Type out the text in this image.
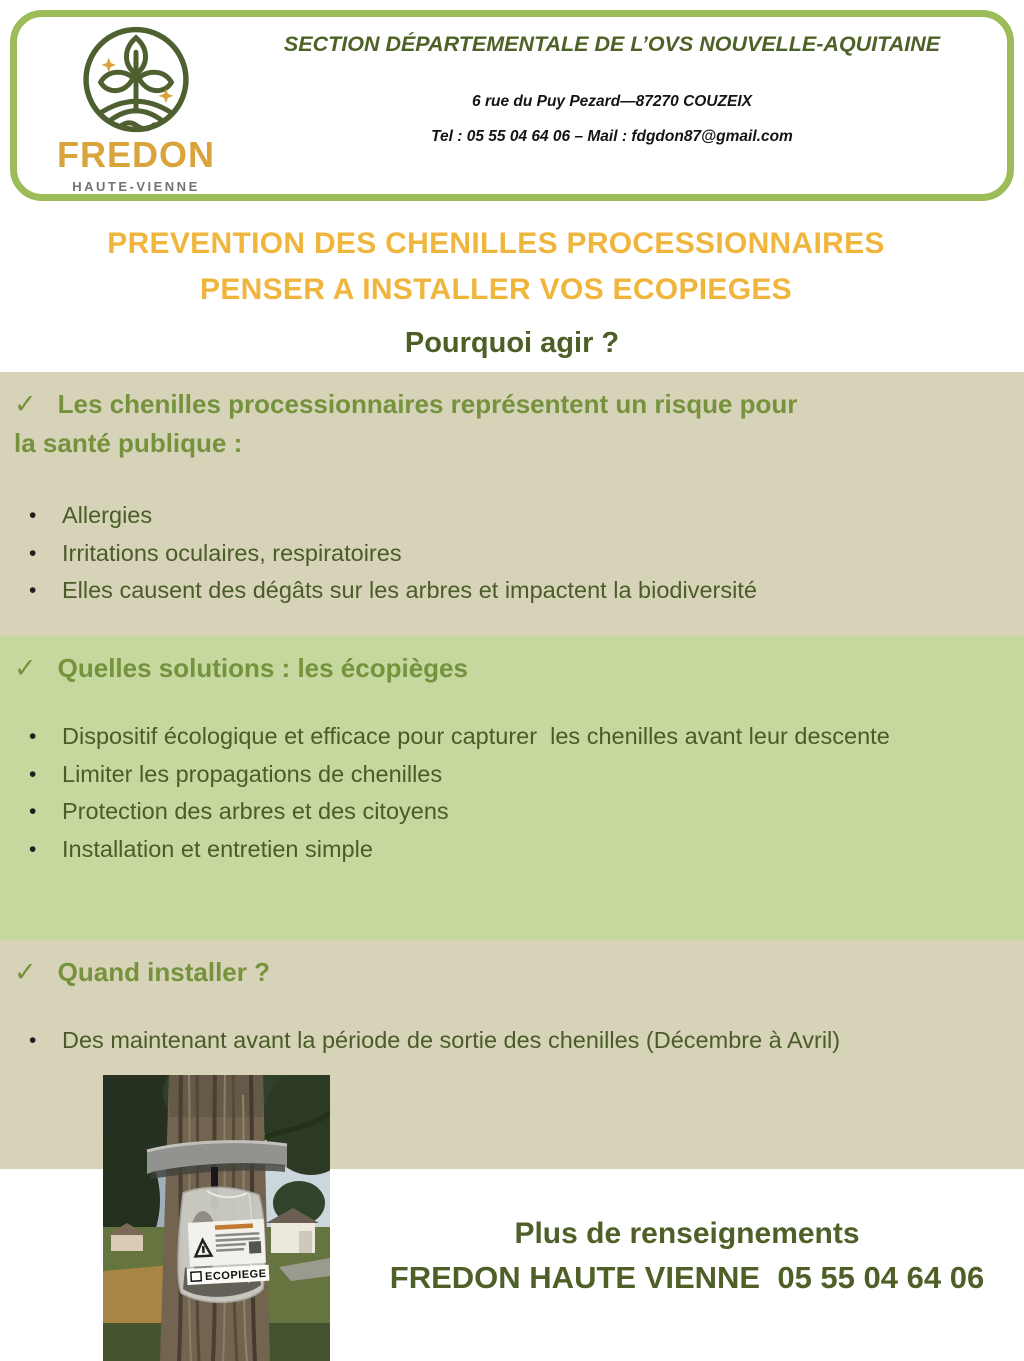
FREDON
HAUTE-VIENNE
SECTION DÉPARTEMENTALE DE L’OVS NOUVELLE-AQUITAINE
6 rue du Puy Pezard—87270 COUZEIX
Tel : 05 55 04 64 06 – Mail : fdgdon87@gmail.com
PREVENTION DES CHENILLES PROCESSIONNAIRES
PENSER A INSTALLER VOS ECOPIEGES
Pourquoi agir ?
✓ Les chenilles processionnaires représentent un risque pour
la santé publique :
•	Allergies
•	Irritations oculaires, respiratoires
•	Elles causent des dégâts sur les arbres et impactent la biodiversité
✓ Quelles solutions : les écopièges
•	Dispositif écologique et efficace pour capturer  les chenilles avant leur descente
•	Limiter les propagations de chenilles
•	Protection des arbres et des citoyens
•	Installation et entretien simple
✓ Quand installer ?
•	Des maintenant avant la période de sortie des chenilles (Décembre à Avril)
ECOPIEGE
Plus de renseignements
FREDON HAUTE VIENNE  05 55 04 64 06
